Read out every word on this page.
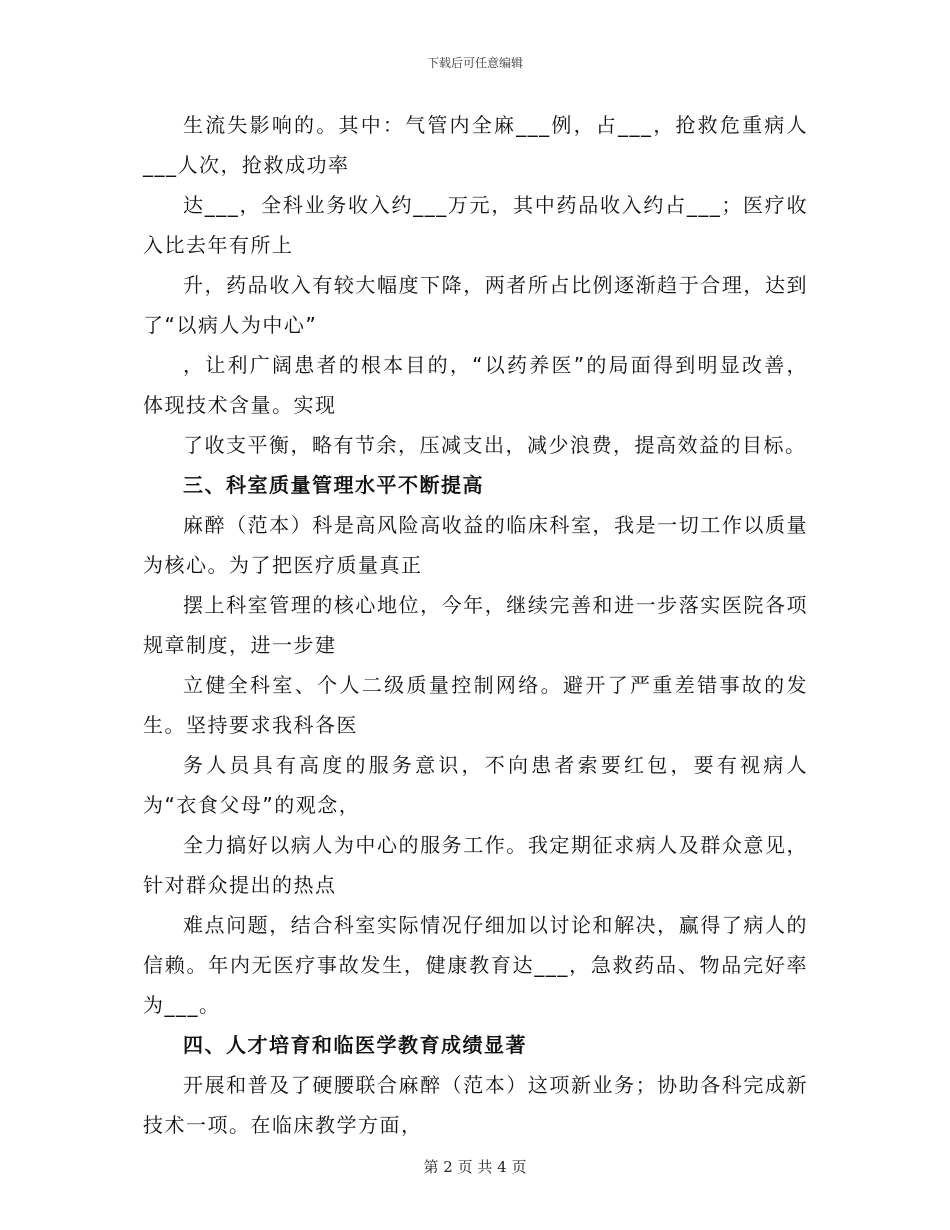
下载后可任意编辑

生流失影响的。其中：气管内全麻___例，占___，抢救危重病人___人次，抢救成功率

达___，全科业务收入约___万元，其中药品收入约占___；医疗收入比去年有所上

升，药品收入有较大幅度下降，两者所占比例逐渐趋于合理，达到了“以病人为中心”

，让利广阔患者的根本目的，“以药养医”的局面得到明显改善，体现技术含量。实现

了收支平衡，略有节余，压减支出，减少浪费，提高效益的目标。

三、科室质量管理水平不断提高

麻醉（范本）科是高风险高收益的临床科室，我是一切工作以质量为核心。为了把医疗质量真正

摆上科室管理的核心地位，今年，继续完善和进一步落实医院各项规章制度，进一步建

立健全科室、个人二级质量控制网络。避开了严重差错事故的发生。坚持要求我科各医

务人员具有高度的服务意识，不向患者索要红包，要有视病人为“衣食父母”的观念，

全力搞好以病人为中心的服务工作。我定期征求病人及群众意见，针对群众提出的热点

难点问题，结合科室实际情况仔细加以讨论和解决，赢得了病人的信赖。年内无医疗事故发生，健康教育达___，急救药品、物品完好率为___。

四、人才培育和临医学教育成绩显著

开展和普及了硬腰联合麻醉（范本）这项新业务；协助各科完成新技术一项。在临床教学方面，

第 2 页 共 4 页
